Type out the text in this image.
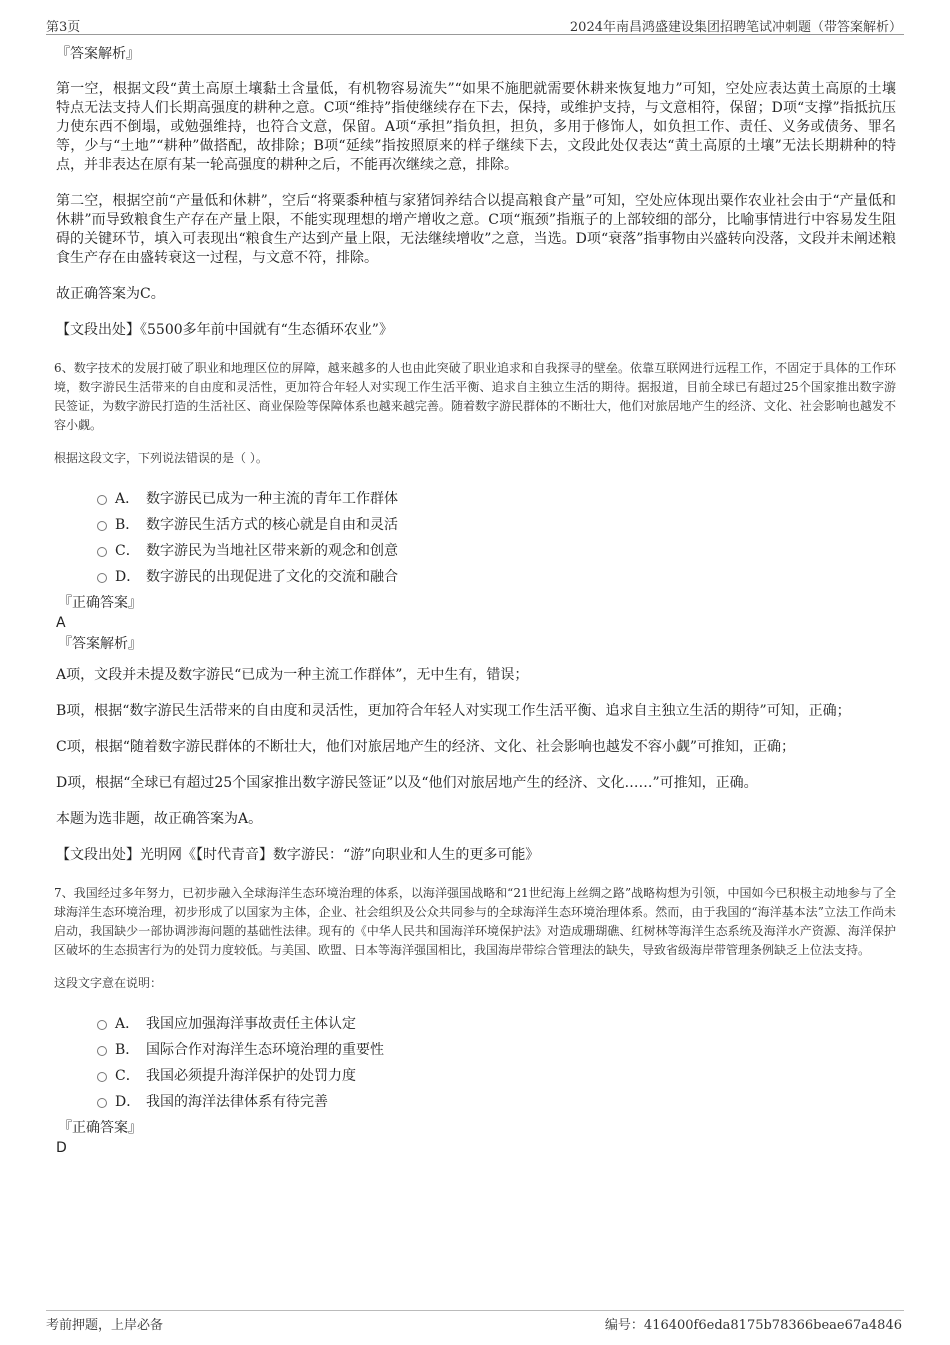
第3页	2024年南昌鸿盛建设集团招聘笔试冲刺题（带答案解析）
『答案解析』
第一空，根据文段“黄土高原土壤黏土含量低，有机物容易流失”“如果不施肥就需要休耕来恢复地力”可知，空处应表达黄土高原的土壤特点无法支持人们长期高强度的耕种之意。C项“维持”指使继续存在下去，保持，或维护支持，与文意相符，保留；D项“支撑”指抵抗压力使东西不倒塌，或勉强维持，也符合文意，保留。A项“承担”指负担，担负，多用于修饰人，如负担工作、责任、义务或债务、罪名等，少与“土地”“耕种”做搭配，故排除；B项“延续”指按照原来的样子继续下去，文段此处仅表达“黄土高原的土壤”无法长期耕种的特点，并非表达在原有某一轮高强度的耕种之后，不能再次继续之意，排除。
第二空，根据空前“产量低和休耕”，空后“将粟黍种植与家猪饲养结合以提高粮食产量”可知，空处应体现出粟作农业社会由于“产量低和休耕”而导致粮食生产存在产量上限，不能实现理想的增产增收之意。C项“瓶颈”指瓶子的上部较细的部分，比喻事情进行中容易发生阻碍的关键环节，填入可表现出“粮食生产达到产量上限，无法继续增收”之意，当选。D项“衰落”指事物由兴盛转向没落，文段并未阐述粮食生产存在由盛转衰这一过程，与文意不符，排除。
故正确答案为C。
【文段出处】《5500多年前中国就有“生态循环农业”》
6、数字技术的发展打破了职业和地理区位的屏障，越来越多的人也由此突破了职业追求和自我探寻的壁垒。依靠互联网进行远程工作，不固定于具体的工作环境，数字游民生活带来的自由度和灵活性，更加符合年轻人对实现工作生活平衡、追求自主独立生活的期待。据报道，目前全球已有超过25个国家推出数字游民签证，为数字游民打造的生活社区、商业保险等保障体系也越来越完善。随着数字游民群体的不断壮大，他们对旅居地产生的经济、文化、社会影响也越发不容小觑。
根据这段文字，下列说法错误的是（ ）。
A． 数字游民已成为一种主流的青年工作群体
B． 数字游民生活方式的核心就是自由和灵活
C． 数字游民为当地社区带来新的观念和创意
D． 数字游民的出现促进了文化的交流和融合
『正确答案』
A
『答案解析』
A项，文段并未提及数字游民“已成为一种主流工作群体”，无中生有，错误；
B项，根据“数字游民生活带来的自由度和灵活性，更加符合年轻人对实现工作生活平衡、追求自主独立生活的期待”可知，正确；
C项，根据“随着数字游民群体的不断壮大，他们对旅居地产生的经济、文化、社会影响也越发不容小觑”可推知，正确；
D项，根据“全球已有超过25个国家推出数字游民签证”以及“他们对旅居地产生的经济、文化……”可推知，正确。
本题为选非题，故正确答案为A。
【文段出处】光明网《【时代青音】数字游民：“游”向职业和人生的更多可能》
7、我国经过多年努力，已初步融入全球海洋生态环境治理的体系，以海洋强国战略和“21世纪海上丝绸之路”战略构想为引领，中国如今已积极主动地参与了全球海洋生态环境治理，初步形成了以国家为主体，企业、社会组织及公众共同参与的全球海洋生态环境治理体系。然而，由于我国的“海洋基本法”立法工作尚未启动，我国缺少一部协调涉海问题的基础性法律。现有的《中华人民共和国海洋环境保护法》对造成珊瑚礁、红树林等海洋生态系统及海洋水产资源、海洋保护区破坏的生态损害行为的处罚力度较低。与美国、欧盟、日本等海洋强国相比，我国海岸带综合管理法的缺失，导致省级海岸带管理条例缺乏上位法支持。
这段文字意在说明：
A． 我国应加强海洋事故责任主体认定
B． 国际合作对海洋生态环境治理的重要性
C． 我国必须提升海洋保护的处罚力度
D． 我国的海洋法律体系有待完善
『正确答案』
D
考前押题，上岸必备	编号：416400f6eda8175b78366beae67a4846
